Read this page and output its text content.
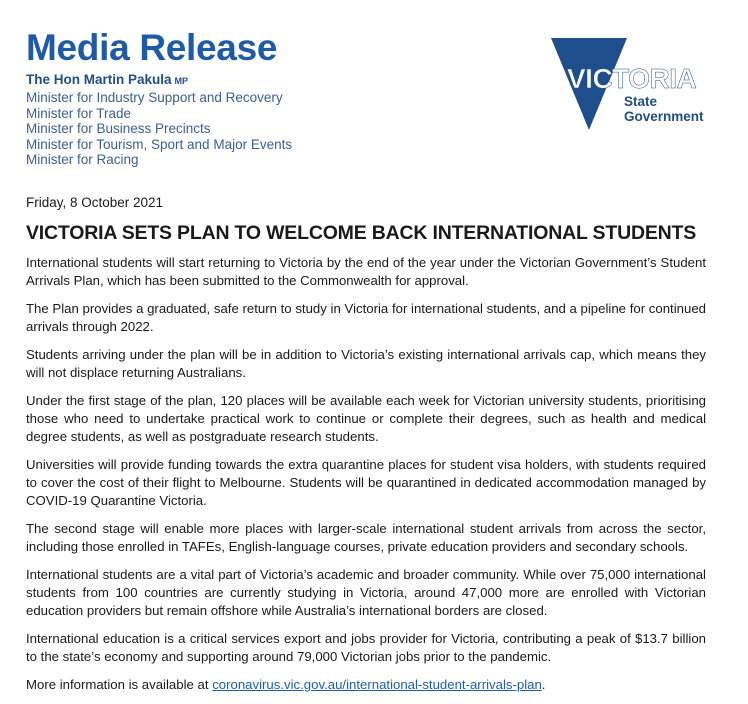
Media Release
The Hon Martin Pakula MP
Minister for Industry Support and Recovery
Minister for Trade
Minister for Business Precincts
Minister for Tourism, Sport and Major Events
Minister for Racing
VICTORIA
State
Government

Friday, 8 October 2021

VICTORIA SETS PLAN TO WELCOME BACK INTERNATIONAL STUDENTS

International students will start returning to Victoria by the end of the year under the Victorian Government’s Student Arrivals Plan, which has been submitted to the Commonwealth for approval.

The Plan provides a graduated, safe return to study in Victoria for international students, and a pipeline for continued arrivals through 2022.

Students arriving under the plan will be in addition to Victoria’s existing international arrivals cap, which means they will not displace returning Australians.

Under the first stage of the plan, 120 places will be available each week for Victorian university students, prioritising those who need to undertake practical work to continue or complete their degrees, such as health and medical degree students, as well as postgraduate research students.

Universities will provide funding towards the extra quarantine places for student visa holders, with students required to cover the cost of their flight to Melbourne. Students will be quarantined in dedicated accommodation managed by COVID-19 Quarantine Victoria.

The second stage will enable more places with larger-scale international student arrivals from across the sector, including those enrolled in TAFEs, English-language courses, private education providers and secondary schools.

International students are a vital part of Victoria’s academic and broader community. While over 75,000 international students from 100 countries are currently studying in Victoria, around 47,000 more are enrolled with Victorian education providers but remain offshore while Australia’s international borders are closed.

International education is a critical services export and jobs provider for Victoria, contributing a peak of $13.7 billion to the state’s economy and supporting around 79,000 Victorian jobs prior to the pandemic.

More information is available at coronavirus.vic.gov.au/international-student-arrivals-plan.
